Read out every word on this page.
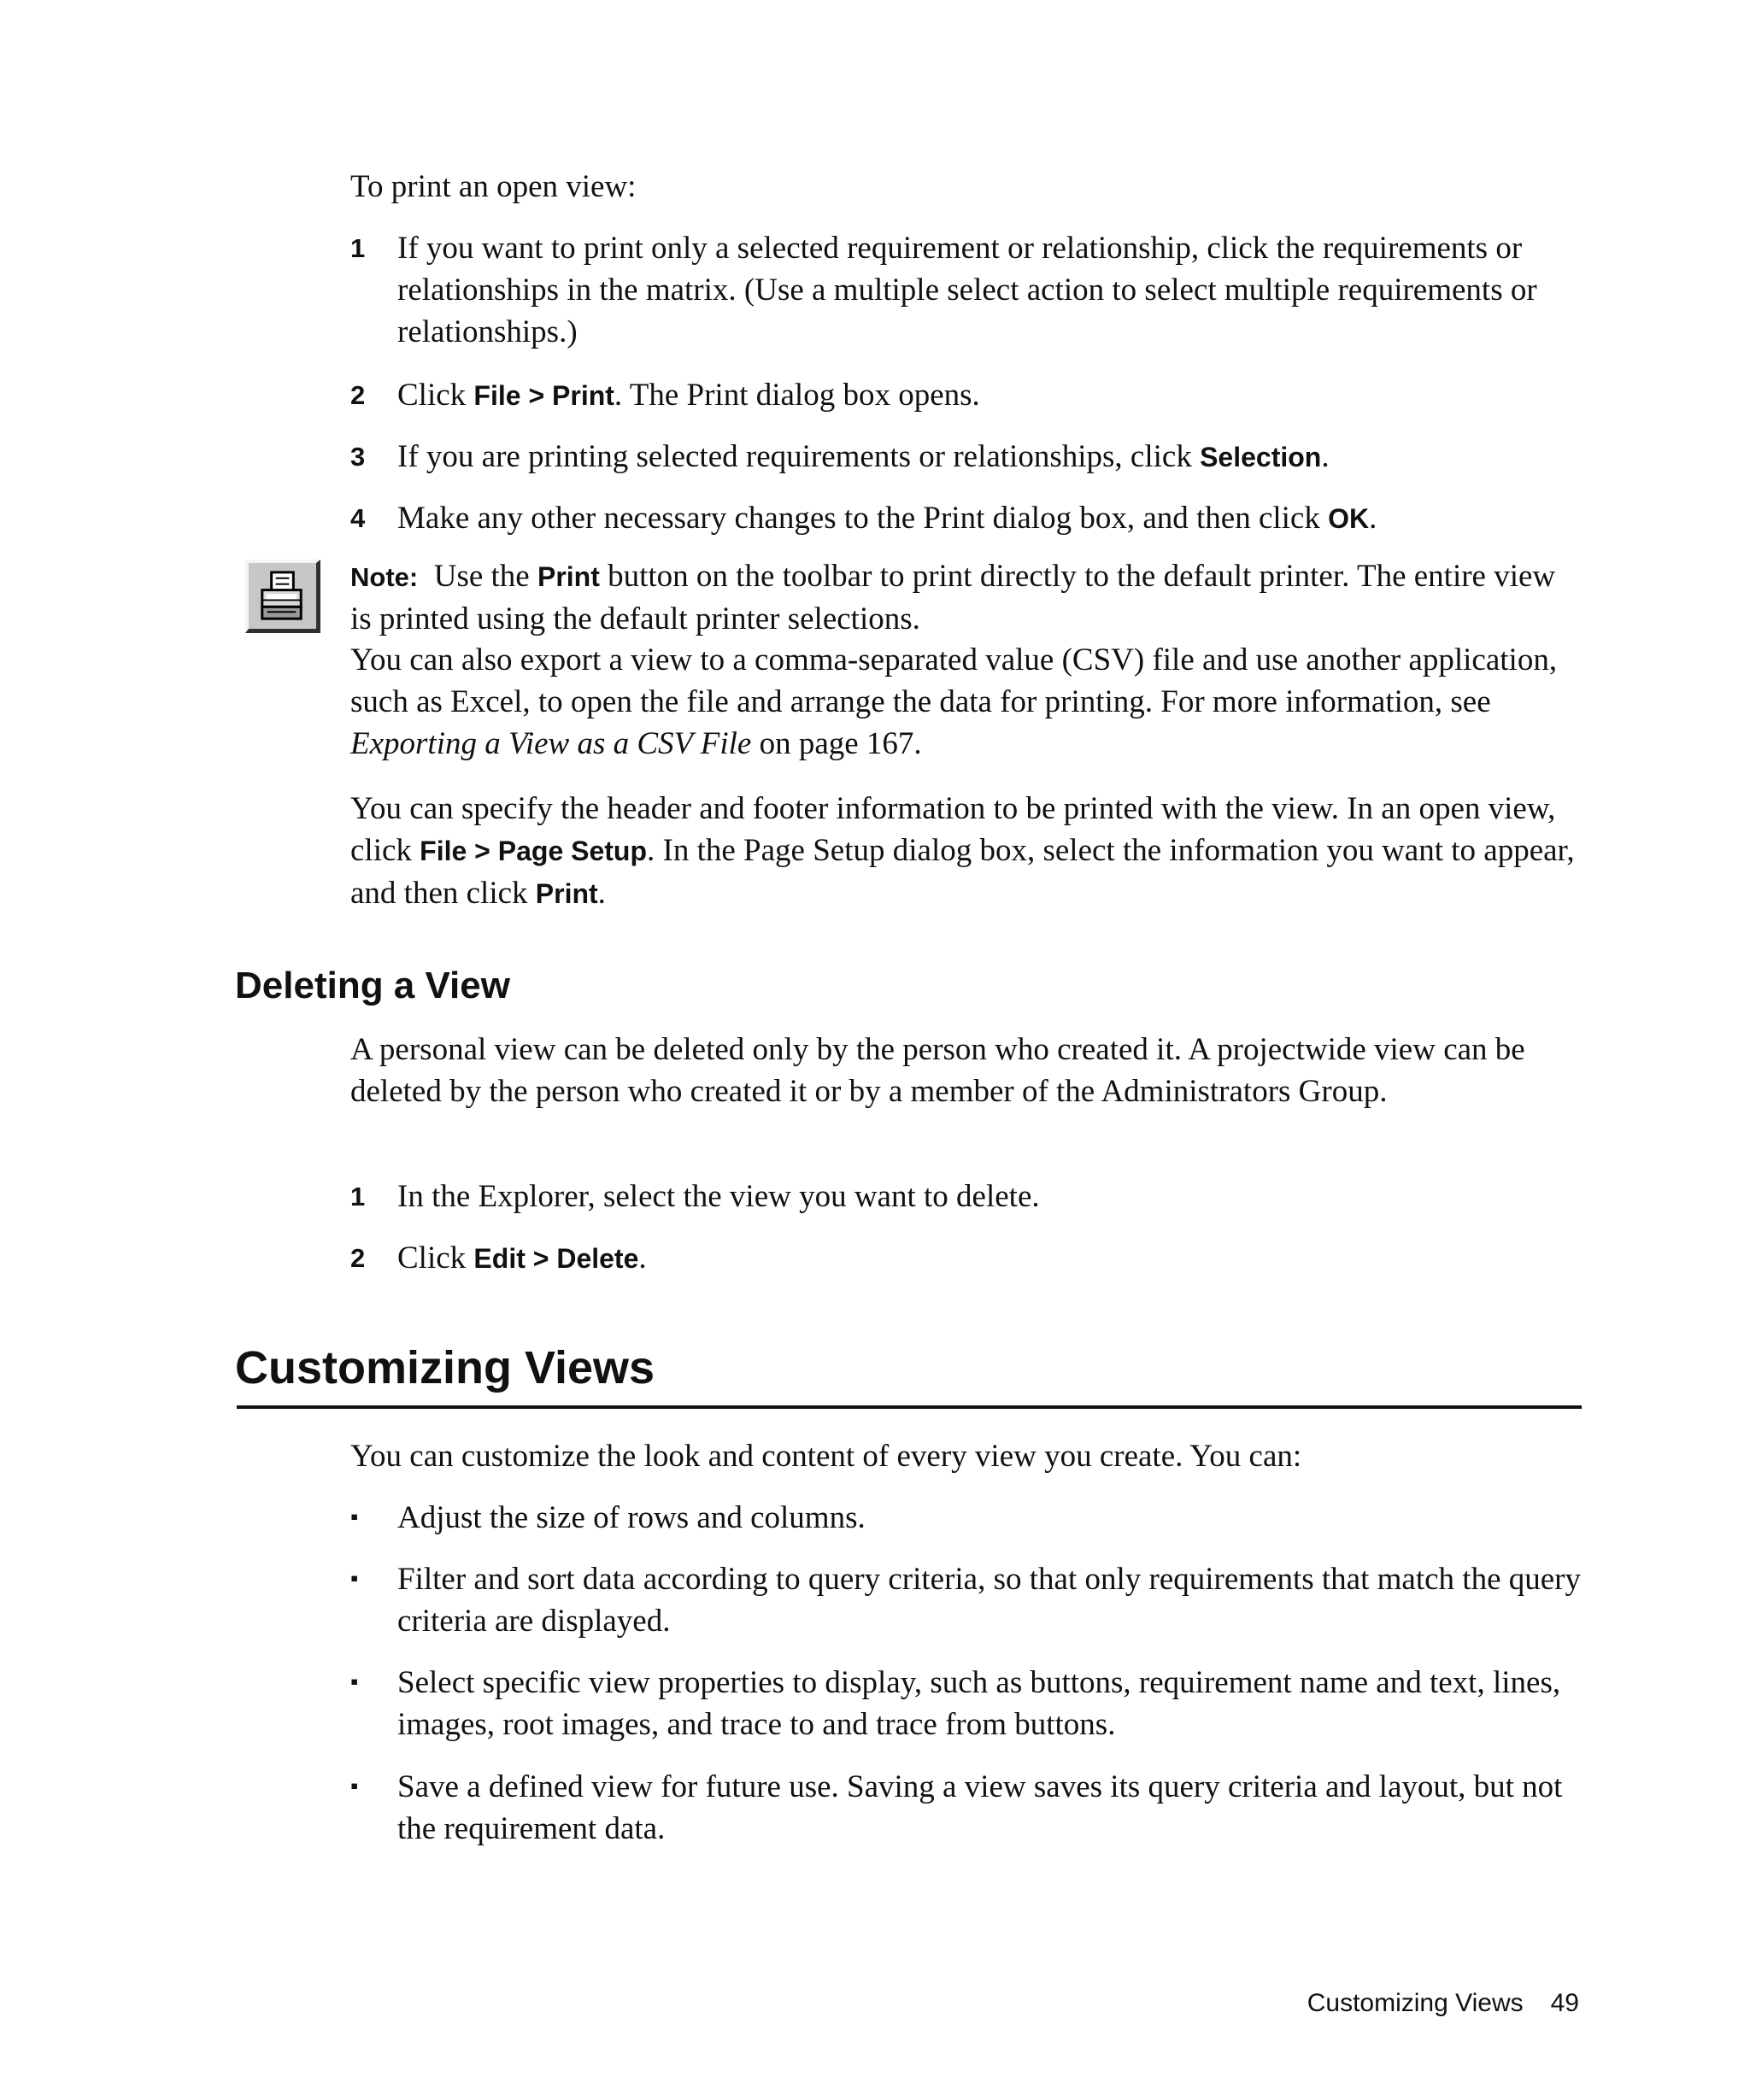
To print an open view:

1 If you want to print only a selected requirement or relationship, click the requirements or relationships in the matrix. (Use a multiple select action to select multiple requirements or relationships.)
2 Click File > Print. The Print dialog box opens.
3 If you are printing selected requirements or relationships, click Selection.
4 Make any other necessary changes to the Print dialog box, and then click OK.
Note: Use the Print button on the toolbar to print directly to the default printer. The entire view is printed using the default printer selections.
You can also export a view to a comma-separated value (CSV) file and use another application, such as Excel, to open the file and arrange the data for printing. For more information, see Exporting a View as a CSV File on page 167.
You can specify the header and footer information to be printed with the view. In an open view, click File > Page Setup. In the Page Setup dialog box, select the information you want to appear, and then click Print.
Deleting a View
A personal view can be deleted only by the person who created it. A projectwide view can be deleted by the person who created it or by a member of the Administrators Group.
1 In the Explorer, select the view you want to delete.
2 Click Edit > Delete.
Customizing Views
You can customize the look and content of every view you create. You can:
▪ Adjust the size of rows and columns.
▪ Filter and sort data according to query criteria, so that only requirements that match the query criteria are displayed.
▪ Select specific view properties to display, such as buttons, requirement name and text, lines, images, root images, and trace to and trace from buttons.
▪ Save a defined view for future use. Saving a view saves its query criteria and layout, but not the requirement data.
Customizing Views 49
